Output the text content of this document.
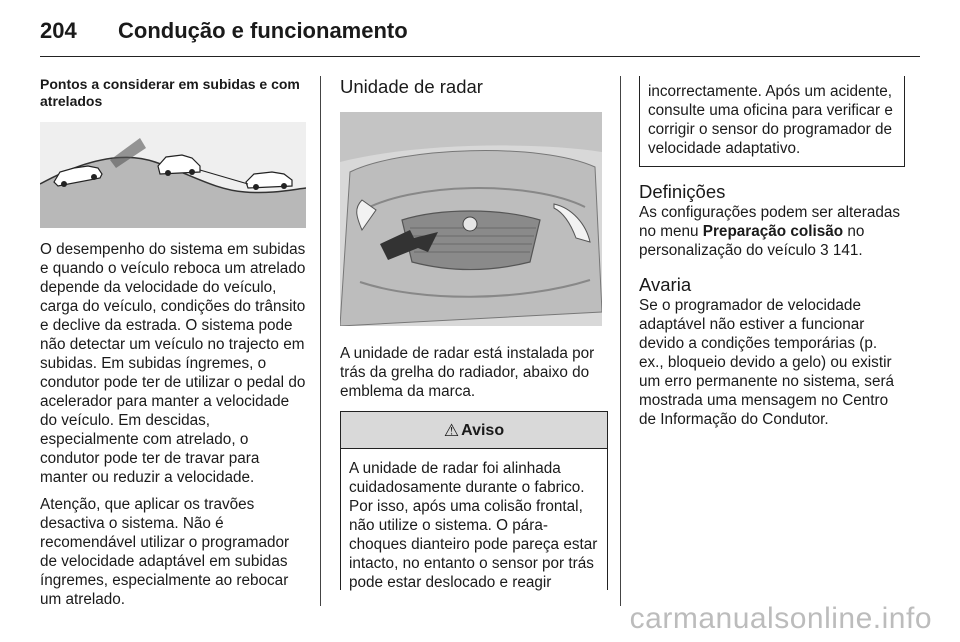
204 Condução e funcionamento
Pontos a considerar em subidas e com atrelados

O desempenho do sistema em subidas e quando o veículo reboca um atrelado depende da velocidade do veículo, carga do veículo, condições do trânsito e declive da estrada. O sistema pode não detectar um veículo no trajecto em subidas. Em subidas íngremes, o condutor pode ter de utilizar o pedal do acelerador para manter a velocidade do veículo. Em descidas, especialmente com atrelado, o condutor pode ter de travar para manter ou reduzir a velocidade.

Atenção, que aplicar os travões desactiva o sistema. Não é recomendável utilizar o programador de velocidade adaptável em subidas íngremes, especialmente ao rebocar um atrelado.

Unidade de radar

A unidade de radar está instalada por trás da grelha do radiador, abaixo do emblema da marca.

⚠ Aviso
A unidade de radar foi alinhada cuidadosamente durante o fabrico. Por isso, após uma colisão frontal, não utilize o sistema. O pára-choques dianteiro pode pareça estar intacto, no entanto o sensor por trás pode estar deslocado e reagir
incorrectamente. Após um acidente, consulte uma oficina para verificar e corrigir o sensor do programador de velocidade adaptativo.
Definições

As configurações podem ser alteradas no menu Preparação colisão no personalização do veículo 3 141.

Avaria

Se o programador de velocidade adaptável não estiver a funcionar devido a condições temporárias (p. ex., bloqueio devido a gelo) ou existir um erro permanente no sistema, será mostrada uma mensagem no Centro de Informação do Condutor.

carmanualsonline.info
